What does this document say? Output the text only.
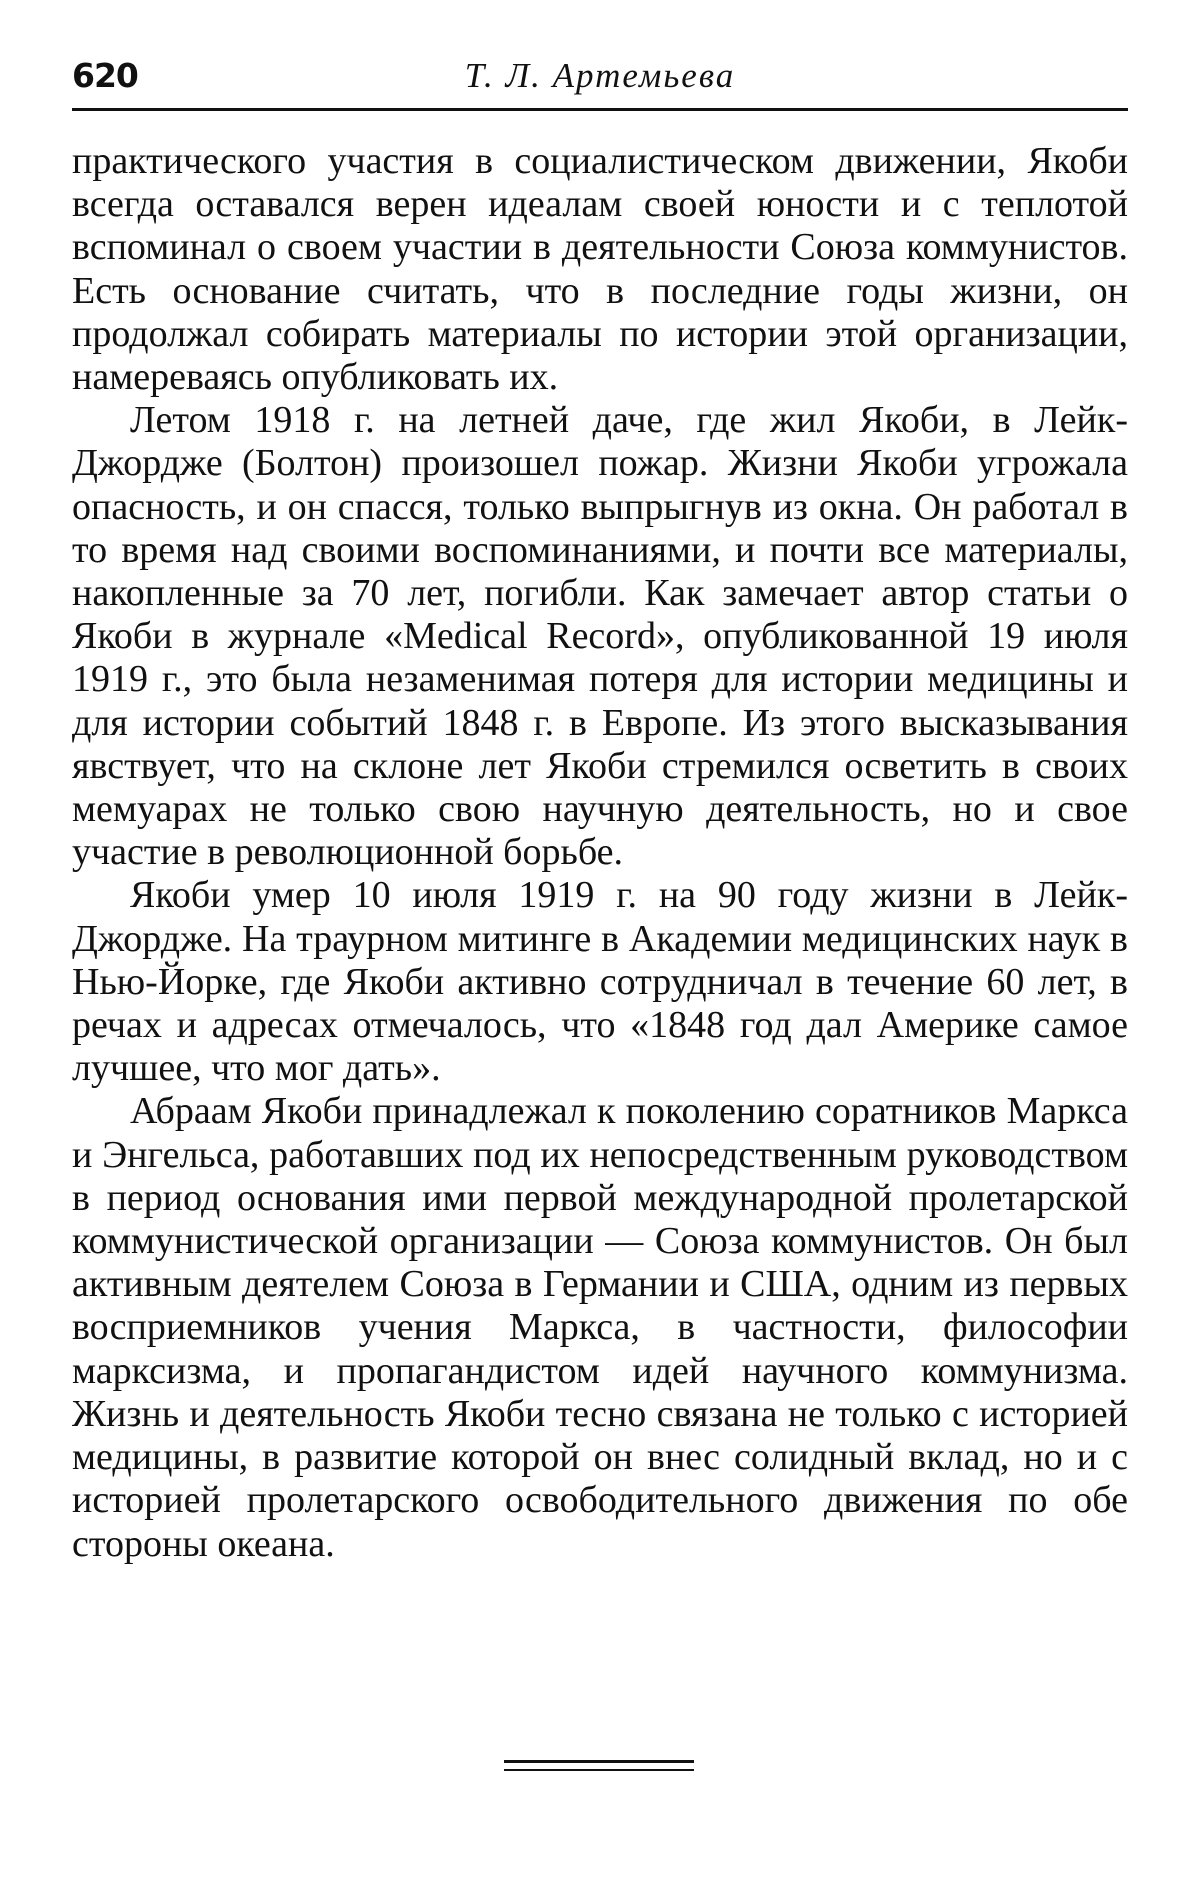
620	Т. Л. Артемьева

практического участия в социалистическом движении, Якоби всегда оставался верен идеалам своей юности и с теплотой вспоминал о своем участии в деятельности Союза коммунистов. Есть основание считать, что в последние годы жизни, он продолжал собирать материалы по истории этой организации, намереваясь опубликовать их.

Летом 1918 г. на летней даче, где жил Якоби, в Лейк-Джордже (Болтон) произошел пожар. Жизни Якоби угрожала опасность, и он спасся, только выпрыгнув из окна. Он работал в то время над своими воспоминаниями, и почти все материалы, накопленные за 70 лет, погибли. Как замечает автор статьи о Якоби в журнале «Medical Record», опубликованной 19 июля 1919 г., это была незаменимая потеря для истории медицины и для истории событий 1848 г. в Европе. Из этого высказывания явствует, что на склоне лет Якоби стремился осветить в своих мемуарах не только свою научную деятельность, но и свое участие в революционной борьбе.

Якоби умер 10 июля 1919 г. на 90 году жизни в Лейк-Джордже. На траурном митинге в Академии медицинских наук в Нью-Йорке, где Якоби активно сотрудничал в течение 60 лет, в речах и адресах отмечалось, что «1848 год дал Америке самое лучшее, что мог дать».

Абраам Якоби принадлежал к поколению соратников Маркса и Энгельса, работавших под их непосредственным руководством в период основания ими первой международной пролетарской коммунистической организации — Союза коммунистов. Он был активным деятелем Союза в Германии и США, одним из первых восприемников учения Маркса, в частности, философии марксизма, и пропагандистом идей научного коммунизма. Жизнь и деятельность Якоби тесно связана не только с историей медицины, в развитие которой он внес солидный вклад, но и с историей пролетарского освободительного движения по обе стороны океана.
